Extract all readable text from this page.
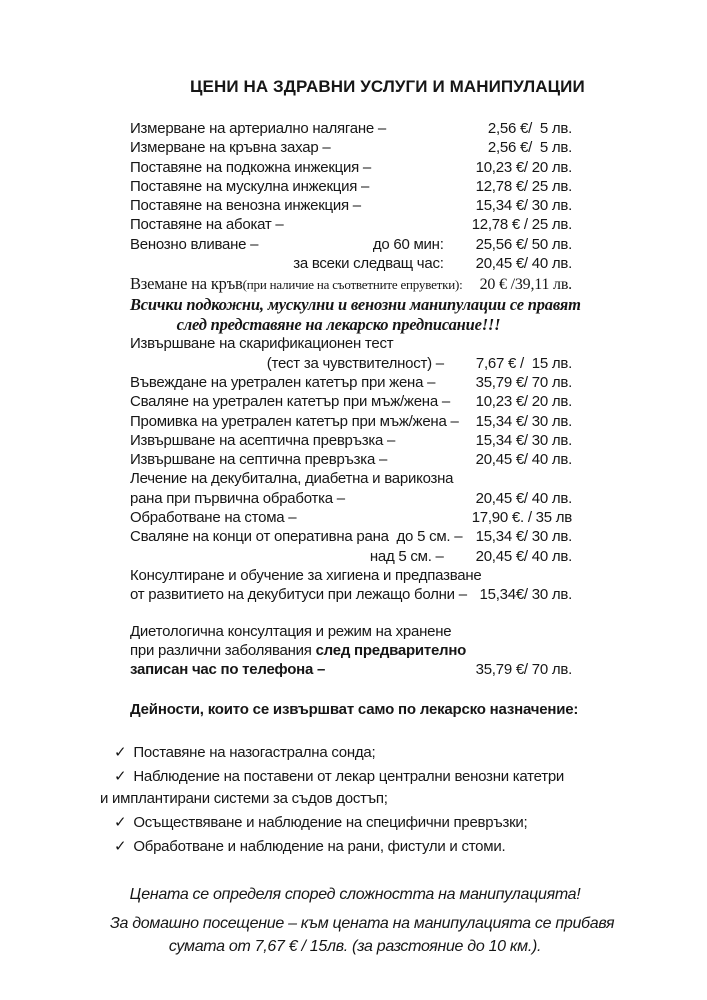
ЦЕНИ НА ЗДРАВНИ УСЛУГИ И МАНИПУЛАЦИИ
Измерване на артериално налягане –	2,56 €/  5 лв.
Измерване на кръвна захар –	2,56 €/  5 лв.
Поставяне на подкожна инжекция –	10,23 €/ 20 лв.
Поставяне на мускулна инжекция –	12,78 €/ 25 лв.
Поставяне на венозна инжекция –	15,34 €/ 30 лв.
Поставяне на абокат –	12,78 € / 25 лв.
Венозно вливане –	до 60 мин:	25,56 €/ 50 лв.
за всеки следващ час:	20,45 €/ 40 лв.
Вземане на кръв (при наличие на съответните епруветки):	20 € /39,11 лв.
Всички подкожни, мускулни и венозни манипулации се правят
след представяне на лекарско предписание!!!
Извършване на скарификационен тест
(тест за чувствителност) –	7,67 € /  15 лв.
Въвеждане на уретрален катетър при жена –	35,79 €/ 70 лв.
Сваляне на уретрален катетър при мъж/жена – 10,23 €/ 20 лв.
Промивка на уретрален катетър при мъж/жена – 15,34 €/ 30 лв.
Извършване на асептична превръзка –	15,34 €/ 30 лв.
Извършване на септична превръзка –	20,45 €/ 40 лв.
Лечение на декубитална, диабетна и варикозна
рана при първична обработка –	20,45 €/ 40 лв.
Обработване на стома –	17,90 €. / 35 лв
Сваляне на конци от оперативна рана  до 5 см. – 15,34 €/ 30 лв.
над 5 см. –	20,45 €/ 40 лв.
Консултиране и обучение за хигиена и предпазване
от развитието на декубитуси при лежащо болни – 15,34€/ 30 лв.
Диетологична консултация и режим на хранене
при различни заболявания след предварително
записан час по телефона –	35,79 €/ 70 лв.
Дейности, които се извършват само по лекарско назначение:
✓ Поставяне на назогастрална сонда;
✓ Наблюдение на поставени от лекар централни венозни катетри и имплантирани системи за съдов достъп;
✓ Осъществяване и наблюдение на специфични превръзки;
✓ Обработване и наблюдение на рани, фистули и стоми.
Цената се определя според сложността на манипулацията!
За домашно посещение – към цената на манипулацията се прибавя
сумата от 7,67 € / 15лв. (за разстояние до 10 км.).
